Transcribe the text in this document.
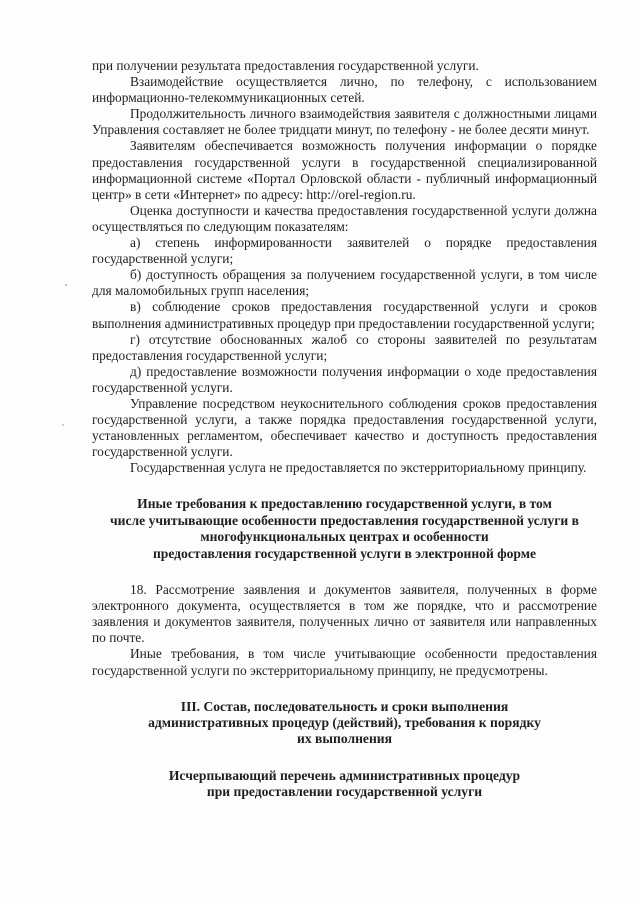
при получении результата предоставления государственной услуги.

Взаимодействие осуществляется лично, по телефону, с использованием информационно-телекоммуникационных сетей.

Продолжительность личного взаимодействия заявителя с должностными лицами Управления составляет не более тридцати минут, по телефону - не более десяти минут.

Заявителям обеспечивается возможность получения информации о порядке предоставления государственной услуги в государственной специализированной информационной системе «Портал Орловской области - публичный информационный центр» в сети «Интернет» по адресу: http://orel-region.ru.

Оценка доступности и качества предоставления государственной услуги должна осуществляться по следующим показателям:

а) степень информированности заявителей о порядке предоставления государственной услуги;

б) доступность обращения за получением государственной услуги, в том числе для маломобильных групп населения;

в) соблюдение сроков предоставления государственной услуги и сроков выполнения административных процедур при предоставлении государственной услуги;

г) отсутствие обоснованных жалоб со стороны заявителей по результатам предоставления государственной услуги;

д) предоставление возможности получения информации о ходе предоставления государственной услуги.

Управление посредством неукоснительного соблюдения сроков предоставления государственной услуги, а также порядка предоставления государственной услуги, установленных регламентом, обеспечивает качество и доступность предоставления государственной услуги.

Государственная услуга не предоставляется по экстерриториальному принципу.

Иные требования к предоставлению государственной услуги, в том

числе учитывающие особенности предоставления государственной услуги в

многофункциональных центрах и особенности

предоставления государственной услуги в электронной форме

18. Рассмотрение заявления и документов заявителя, полученных в форме электронного документа, осуществляется в том же порядке, что и рассмотрение заявления и документов заявителя, полученных лично от заявителя или направленных по почте.

Иные требования, в том числе учитывающие особенности предоставления государственной услуги по экстерриториальному принципу, не предусмотрены.

III. Состав, последовательность и сроки выполнения

административных процедур (действий), требования к порядку

их выполнения

Исчерпывающий перечень административных процедур

при предоставлении государственной услуги
